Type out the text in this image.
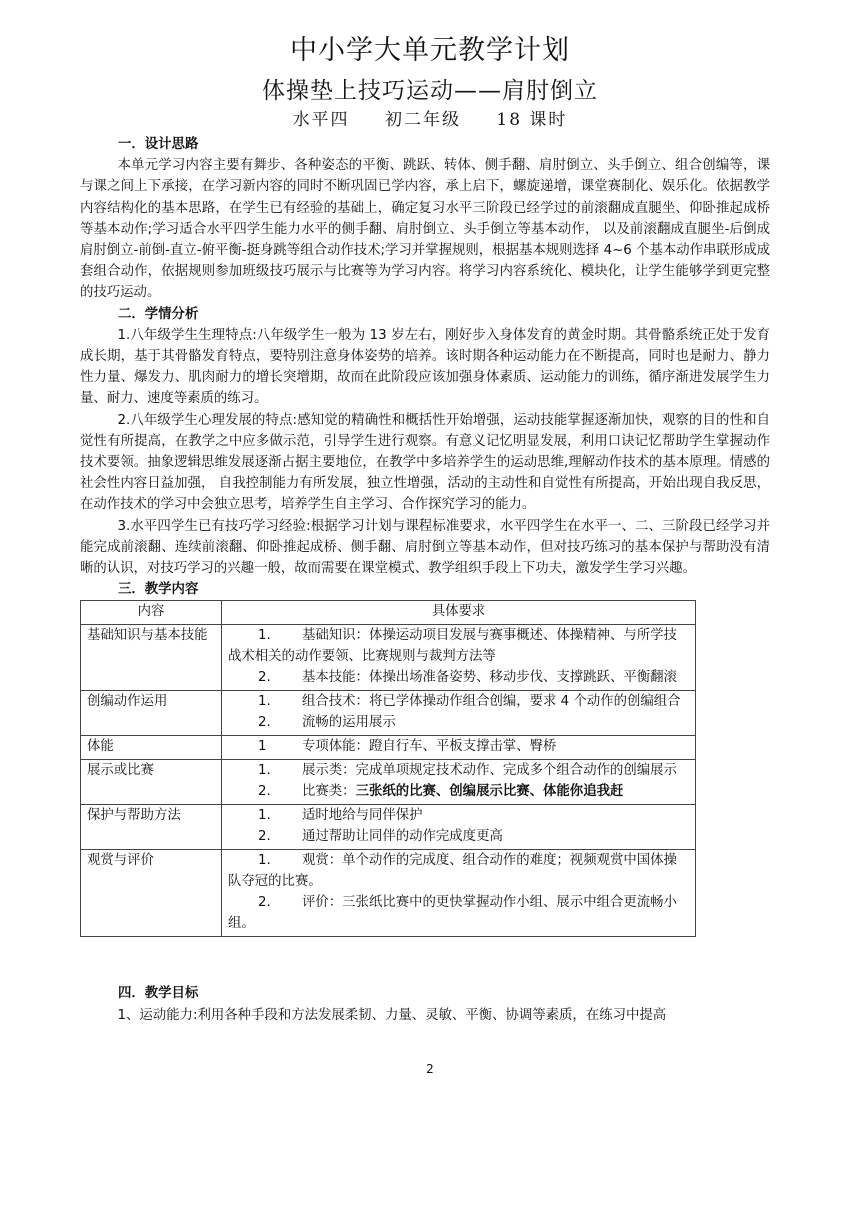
中小学大单元教学计划
体操垫上技巧运动——肩肘倒立
水平四 初二年级 18 课时
一．设计思路

本单元学习内容主要有舞步、各种姿态的平衡、跳跃、转体、侧手翻、肩肘倒立、头手倒立、组合创编等，课与课之间上下承接，在学习新内容的同时不断巩固已学内容，承上启下，螺旋递增，课堂赛制化、娱乐化。依据教学内容结构化的基本思路，在学生已有经验的基础上，确定复习水平三阶段已经学过的前滚翻成直腿坐、仰卧推起成桥等基本动作;学习适合水平四学生能力水平的侧手翻、肩肘倒立、头手倒立等基本动作， 以及前滚翻成直腿坐-后倒成肩肘倒立-前倒-直立-俯平衡-挺身跳等组合动作技术;学习并掌握规则，根据基本规则选择 4~6 个基本动作串联形成成套组合动作，依据规则参加班级技巧展示与比赛等为学习内容。将学习内容系统化、模块化，让学生能够学到更完整的技巧运动。

二．学情分析

1.八年级学生生理特点:八年级学生一般为 13 岁左右，刚好步入身体发育的黄金时期。其骨骼系统正处于发育成长期，基于其骨骼发育特点，要特别注意身体姿势的培养。该时期各种运动能力在不断提高，同时也是耐力、静力性力量、爆发力、肌肉耐力的增长突增期，故而在此阶段应该加强身体素质、运动能力的训练，循序渐进发展学生力量、耐力、速度等素质的练习。

2.八年级学生心理发展的特点:感知觉的精确性和概括性开始增强，运动技能掌握逐渐加快，观察的目的性和自觉性有所提高，在教学之中应多做示范，引导学生进行观察。有意义记忆明显发展，利用口诀记忆帮助学生掌握动作技术要领。抽象逻辑思维发展逐渐占据主要地位，在教学中多培养学生的运动思维,理解动作技术的基本原理。情感的社会性内容日益加强， 自我控制能力有所发展，独立性增强，活动的主动性和自觉性有所提高，开始出现自我反思，在动作技术的学习中会独立思考，培养学生自主学习、合作探究学习的能力。

3.水平四学生已有技巧学习经验:根据学习计划与课程标准要求，水平四学生在水平一、二、三阶段已经学习并能完成前滚翻、连续前滚翻、仰卧推起成桥、侧手翻、肩肘倒立等基本动作，但对技巧练习的基本保护与帮助没有清晰的认识，对技巧学习的兴趣一般，故而需要在课堂模式、教学组织手段上下功夫，激发学生学习兴趣。

三．教学内容
内容	具体要求
基础知识与基本技能	1. 基础知识：体操运动项目发展与赛事概述、体操精神、与所学技战术相关的动作要领、比赛规则与裁判方法等

2. 基本技能：体操出场准备姿势、移动步伐、支撑跳跃、平衡翻滚

创编动作运用	1. 组合技术：将已学体操动作组合创编，要求 4 个动作的创编组合

2. 流畅的运用展示

体能	1 专项体能：蹬自行车、平板支撑击掌、臀桥

展示或比赛	1. 展示类：完成单项规定技术动作、完成多个组合动作的创编展示

2. 比赛类：三张纸的比赛、创编展示比赛、体能你追我赶

保护与帮助方法	1. 适时地给与同伴保护

2. 通过帮助让同伴的动作完成度更高

观赏与评价	1. 观赏：单个动作的完成度、组合动作的难度；视频观赏中国体操队夺冠的比赛。

2. 评价：三张纸比赛中的更快掌握动作小组、展示中组合更流畅小组。

四．教学目标

1、运动能力:利用各种手段和方法发展柔韧、力量、灵敏、平衡、协调等素质，在练习中提高

2
